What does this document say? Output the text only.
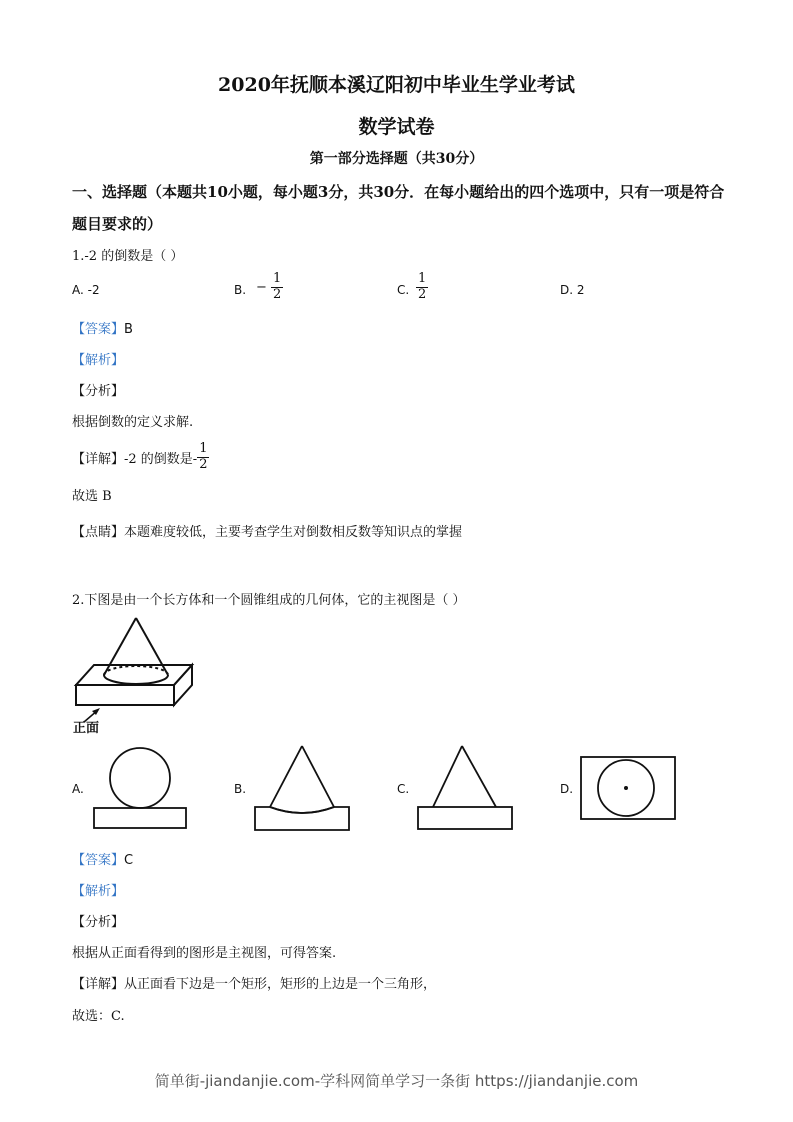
2020年抚顺本溪辽阳初中毕业生学业考试
数学试卷
第一部分选择题（共30分）
一、选择题（本题共10小题，每小题3分，共30分．在每小题给出的四个选项中，只有一项是符合题目要求的）
1.-2 的倒数是（ ）
A. -2	B. − $\frac{1}{2}$	C. $\frac{1}{2}$	D. 2
【答案】B
【解析】
【分析】
根据倒数的定义求解.
【详解】-2 的倒数是- $\frac{1}{2}$
故选 B
【点睛】本题难度较低，主要考查学生对倒数相反数等知识点的掌握
2.下图是由一个长方体和一个圆锥组成的几何体，它的主视图是（ ）
正面
A.	B.	C.	D.
【答案】C
【解析】
【分析】
根据从正面看得到的图形是主视图，可得答案.
【详解】从正面看下边是一个矩形，矩形的上边是一个三角形，
故选：C.
简单街-jiandanjie.com-学科网简单学习一条街 https://jiandanjie.com
